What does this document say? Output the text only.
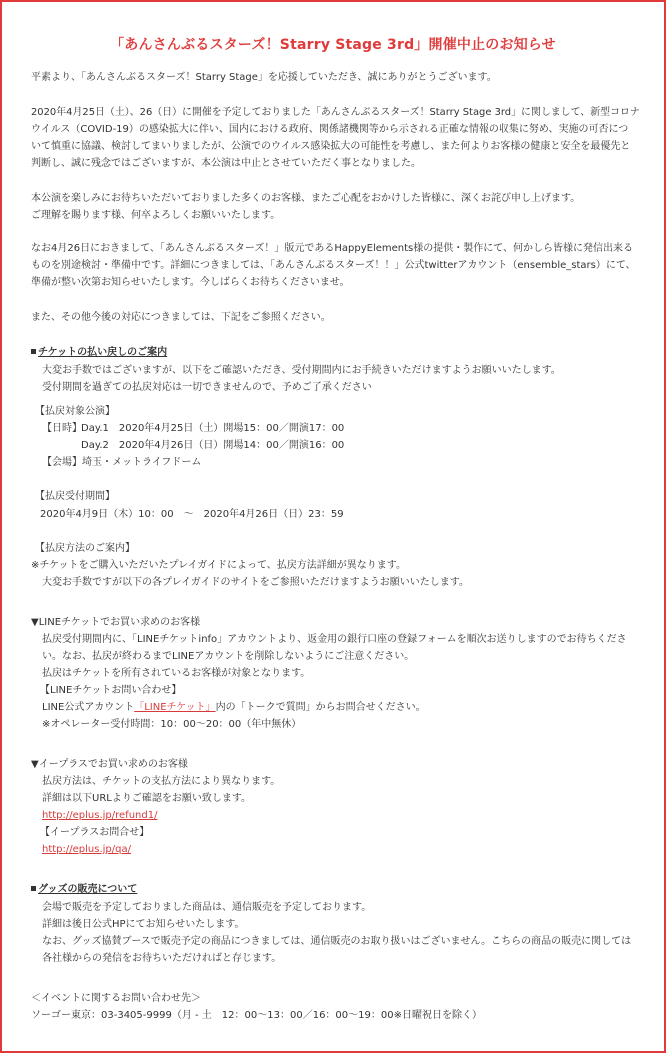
「あんさんぶるスターズ！Starry Stage 3rd」開催中止のお知らせ
平素より、「あんさんぶるスターズ！Starry Stage」を応援していただき、誠にありがとうございます。
2020年4月25日（土）、26（日）に開催を予定しておりました「あんさんぶるスターズ！Starry Stage 3rd」に関しまして、新型コロナ
ウイルス（COVID-19）の感染拡大に伴い、国内における政府、関係諸機関等から示される正確な情報の収集に努め、実施の可否につ
いて慎重に協議、検討してまいりましたが、公演でのウイルス感染拡大の可能性を考慮し、また何よりお客様の健康と安全を最優先と
判断し、誠に残念ではございますが、本公演は中止とさせていただく事となりました。
本公演を楽しみにお待ちいただいておりました多くのお客様、またご心配をおかけした皆様に、深くお詫び申し上げます。
ご理解を賜ります様、何卒よろしくお願いいたします。
なお4月26日におきまして、「あんさんぶるスターズ！」版元であるHappyElements様の提供・製作にて、何かしら皆様に発信出来る
ものを別途検討・準備中です。詳細につきましては、「あんさんぶるスターズ！！」公式twitterアカウント（ensemble_stars）にて、
準備が整い次第お知らせいたします。今しばらくお待ちくださいませ。
また、その他今後の対応につきましては、下記をご参照ください。
チケットの払い戻しのご案内
大変お手数ではございますが、以下をご確認いただき、受付期間内にお手続きいただけますようお願いいたします。
受付期間を過ぎての払戻対応は一切できませんので、予めご了承ください
【払戻対象公演】
【日時】 Day.1　2020年4月25日（土）開場15：00／開演17：00
Day.2　2020年4月26日（日）開場14：00／開演16：00
【会場】埼玉・メットライフドーム
【払戻受付期間】
2020年4月9日（木）10：00　～　2020年4月26日（日）23：59
【払戻方法のご案内】
※チケットをご購入いただいたプレイガイドによって、払戻方法詳細が異なります。
大変お手数ですが以下の各プレイガイドのサイトをご参照いただけますようお願いいたします。
▼LINEチケットでお買い求めのお客様
払戻受付期間内に、「LINEチケットinfo」アカウントより、返金用の銀行口座の登録フォームを順次お送りしますのでお待ちくださ
い。なお、払戻が終わるまでLINEアカウントを削除しないようにご注意ください。
払戻はチケットを所有されているお客様が対象となります。
【LINEチケットお問い合わせ】
LINE公式アカウント「LINEチケット」内の「トークで質問」からお問合せください。
※オペレーター受付時間：10：00～20：00（年中無休）
▼イープラスでお買い求めのお客様
払戻方法は、チケットの支払方法により異なります。
詳細は以下URLよりご確認をお願い致します。
http://eplus.jp/refund1/
【イープラスお問合せ】
http://eplus.jp/qa/
グッズの販売について
会場で販売を予定しておりました商品は、通信販売を予定しております。
詳細は後日公式HPにてお知らせいたします。
なお、グッズ協賛ブースで販売予定の商品につきましては、通信販売のお取り扱いはございません。こちらの商品の販売に関しては
各社様からの発信をお待ちいただければと存じます。
＜イベントに関するお問い合わせ先＞
ソーゴー東京：03-3405-9999（月 - 土　12：00～13：00／16：00～19：00※日曜祝日を除く）
